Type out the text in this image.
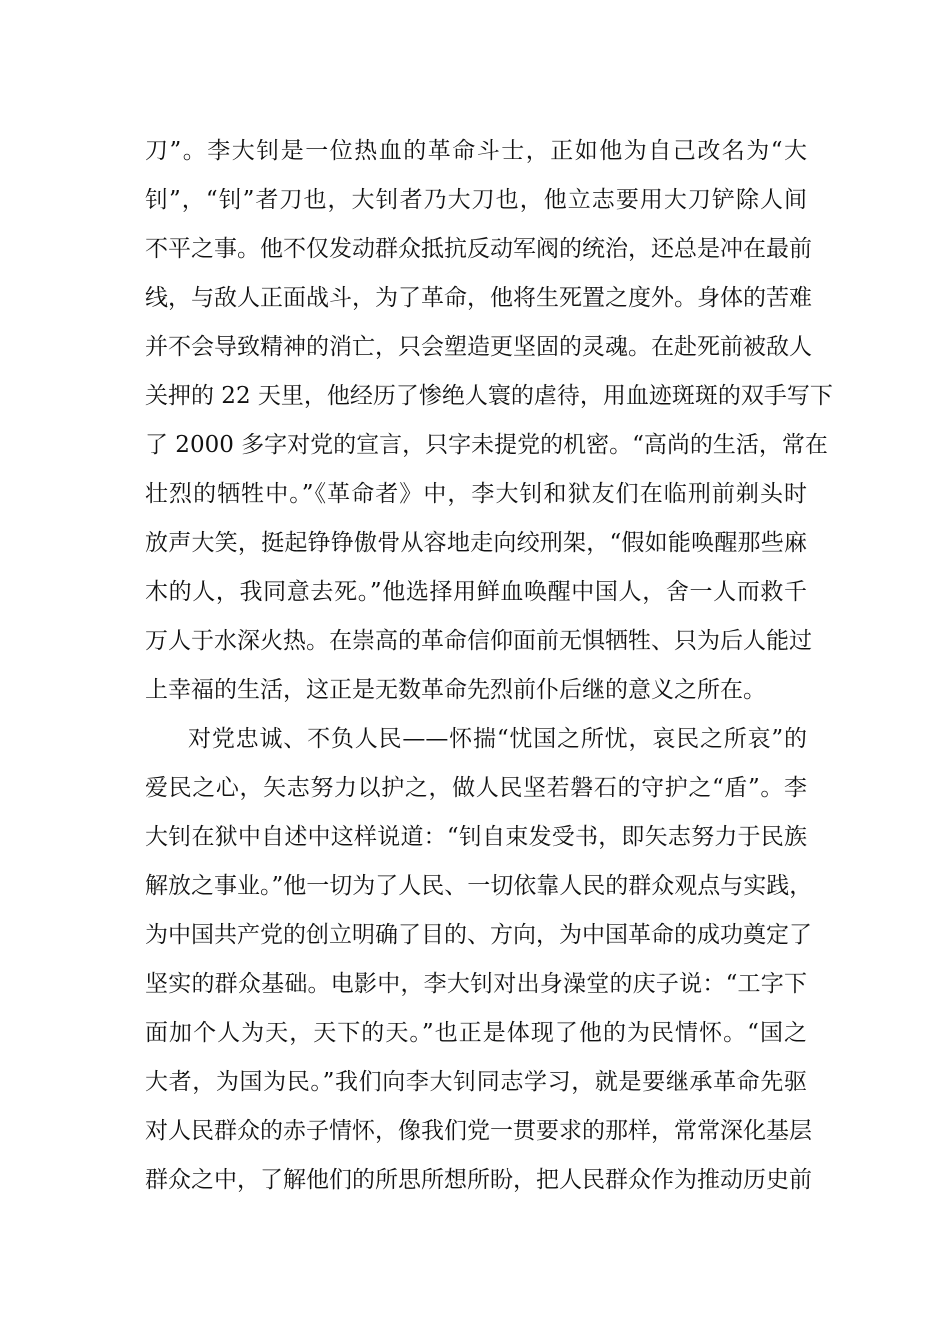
刀”。李大钊是一位热血的革命斗士，正如他为自己改名为“大
钊”，“钊”者刀也，大钊者乃大刀也，他立志要用大刀铲除人间
不平之事。他不仅发动群众抵抗反动军阀的统治，还总是冲在最前
线，与敌人正面战斗，为了革命，他将生死置之度外。身体的苦难
并不会导致精神的消亡，只会塑造更坚固的灵魂。在赴死前被敌人
关押的 22 天里，他经历了惨绝人寰的虐待，用血迹斑斑的双手写下
了 2000 多字对党的宣言，只字未提党的机密。“高尚的生活，常在
壮烈的牺牲中。”《革命者》中，李大钊和狱友们在临刑前剃头时
放声大笑，挺起铮铮傲骨从容地走向绞刑架，“假如能唤醒那些麻
木的人，我同意去死。”他选择用鲜血唤醒中国人，舍一人而救千
万人于水深火热。在崇高的革命信仰面前无惧牺牲、只为后人能过
上幸福的生活，这正是无数革命先烈前仆后继的意义之所在。
对党忠诚、不负人民——怀揣“忧国之所忧，哀民之所哀”的
爱民之心，矢志努力以护之，做人民坚若磐石的守护之“盾”。李
大钊在狱中自述中这样说道：“钊自束发受书，即矢志努力于民族
解放之事业。”他一切为了人民、一切依靠人民的群众观点与实践，
为中国共产党的创立明确了目的、方向，为中国革命的成功奠定了
坚实的群众基础。电影中，李大钊对出身澡堂的庆子说：“工字下
面加个人为天，天下的天。”也正是体现了他的为民情怀。“国之
大者，为国为民。”我们向李大钊同志学习，就是要继承革命先驱
对人民群众的赤子情怀，像我们党一贯要求的那样，常常深化基层
群众之中，了解他们的所思所想所盼，把人民群众作为推动历史前
